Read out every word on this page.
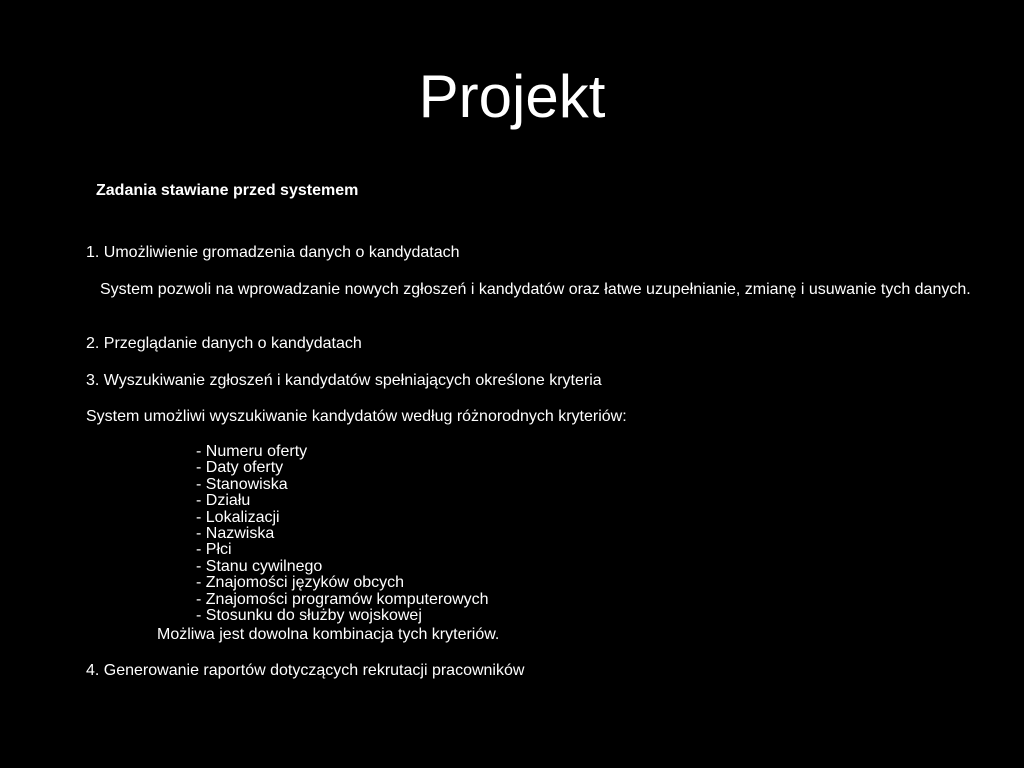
Projekt
Zadania stawiane przed systemem
1. Umożliwienie gromadzenia danych o kandydatach
System pozwoli na wprowadzanie nowych zgłoszeń i kandydatów oraz łatwe uzupełnianie, zmianę i usuwanie tych danych.
2. Przeglądanie danych o kandydatach
3. Wyszukiwanie zgłoszeń i kandydatów spełniających określone kryteria
System umożliwi wyszukiwanie kandydatów według różnorodnych kryteriów:
- Numeru oferty
- Daty oferty
- Stanowiska
- Działu
- Lokalizacji
- Nazwiska
- Płci
- Stanu cywilnego
- Znajomości języków obcych
- Znajomości programów komputerowych
- Stosunku do służby wojskowej
Możliwa jest dowolna kombinacja tych kryteriów.
4. Generowanie raportów dotyczących rekrutacji pracowników
